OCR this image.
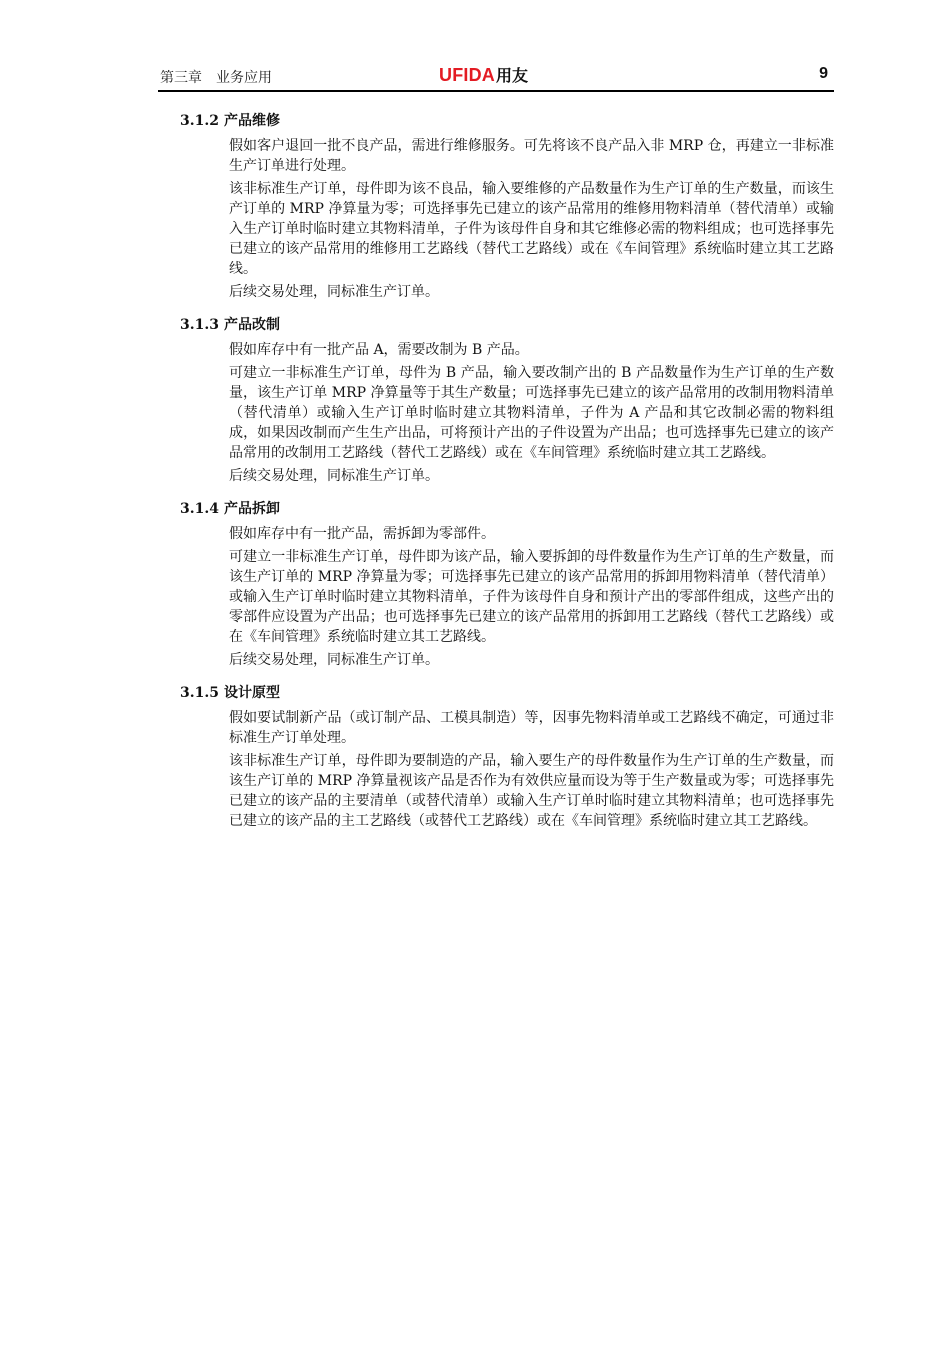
第三章　业务应用	UFIDA用友	9
3.1.2 产品维修

假如客户退回一批不良产品，需进行维修服务。可先将该不良产品入非 MRP 仓，再建立一非标准生产订单进行处理。

该非标准生产订单，母件即为该不良品，输入要维修的产品数量作为生产订单的生产数量，而该生产订单的 MRP 净算量为零；可选择事先已建立的该产品常用的维修用物料清单（替代清单）或输入生产订单时临时建立其物料清单，子件为该母件自身和其它维修必需的物料组成；也可选择事先已建立的该产品常用的维修用工艺路线（替代工艺路线）或在《车间管理》系统临时建立其工艺路线。

后续交易处理，同标准生产订单。

3.1.3 产品改制

假如库存中有一批产品 A，需要改制为 B 产品。

可建立一非标准生产订单，母件为 B 产品，输入要改制产出的 B 产品数量作为生产订单的生产数量，该生产订单 MRP 净算量等于其生产数量；可选择事先已建立的该产品常用的改制用物料清单（替代清单）或输入生产订单时临时建立其物料清单，子件为 A 产品和其它改制必需的物料组成，如果因改制而产生生产出品，可将预计产出的子件设置为产出品；也可选择事先已建立的该产品常用的改制用工艺路线（替代工艺路线）或在《车间管理》系统临时建立其工艺路线。

后续交易处理，同标准生产订单。

3.1.4 产品拆卸

假如库存中有一批产品，需拆卸为零部件。

可建立一非标准生产订单，母件即为该产品，输入要拆卸的母件数量作为生产订单的生产数量，而该生产订单的 MRP 净算量为零；可选择事先已建立的该产品常用的拆卸用物料清单（替代清单）或输入生产订单时临时建立其物料清单，子件为该母件自身和预计产出的零部件组成，这些产出的零部件应设置为产出品；也可选择事先已建立的该产品常用的拆卸用工艺路线（替代工艺路线）或在《车间管理》系统临时建立其工艺路线。

后续交易处理，同标准生产订单。

3.1.5 设计原型

假如要试制新产品（或订制产品、工模具制造）等，因事先物料清单或工艺路线不确定，可通过非标准生产订单处理。

该非标准生产订单，母件即为要制造的产品，输入要生产的母件数量作为生产订单的生产数量，而该生产订单的 MRP 净算量视该产品是否作为有效供应量而设为等于生产数量或为零；可选择事先已建立的该产品的主要清单（或替代清单）或输入生产订单时临时建立其物料清单；也可选择事先已建立的该产品的主工艺路线（或替代工艺路线）或在《车间管理》系统临时建立其工艺路线。
